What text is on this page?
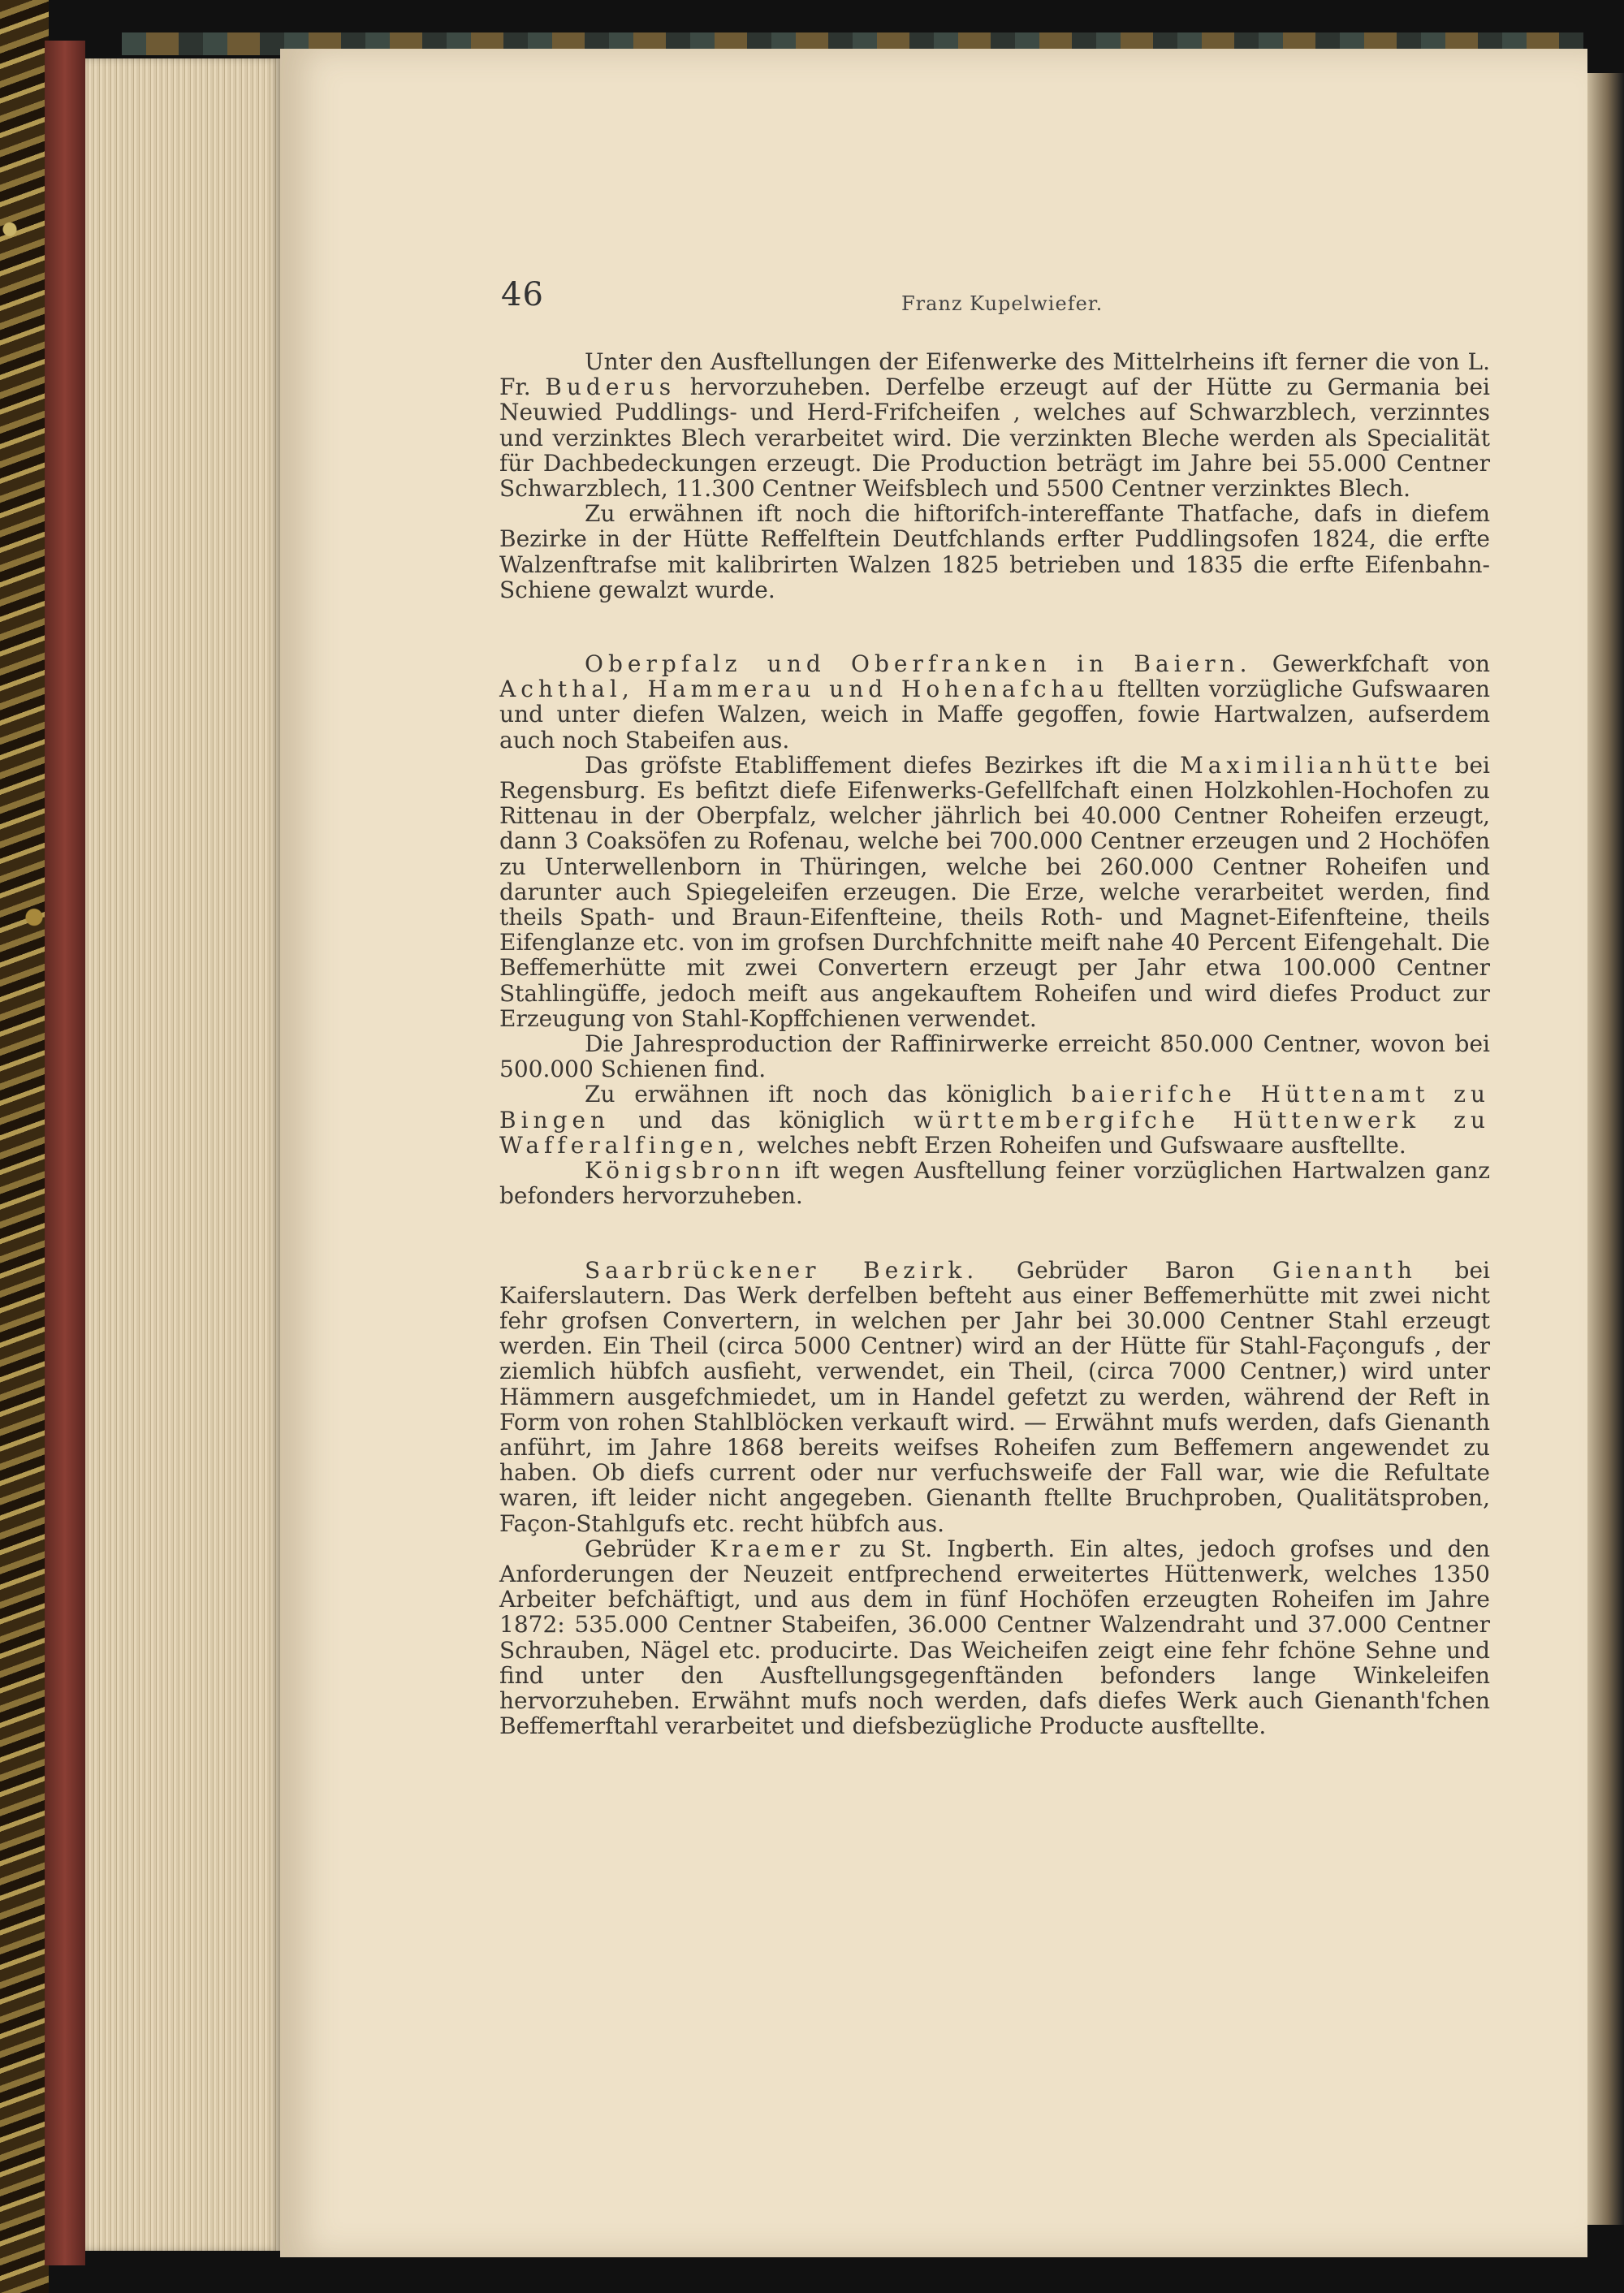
46	Franz Kupelwiefer.

Unter den Ausftellungen der Eifenwerke des Mittelrheins ift ferner die von L. Fr. Buderus hervorzuheben. Derfelbe erzeugt auf der Hütte zu Germania bei Neuwied Puddlings- und Herd-Frifcheifen , welches auf Schwarzblech, verzinntes und verzinktes Blech verarbeitet wird. Die verzinkten Bleche werden als Specialität für Dachbedeckungen erzeugt. Die Production beträgt im Jahre bei 55.000 Centner Schwarzblech, 11.300 Centner Weifsblech und 5500 Centner verzinktes Blech.

Zu erwähnen ift noch die hiftorifch-intereffante Thatfache, dafs in diefem Bezirke in der Hütte Reffelftein Deutfchlands erfter Puddlingsofen 1824, die erfte Walzenftrafse mit kalibrirten Walzen 1825 betrieben und 1835 die erfte Eifenbahn-Schiene gewalzt wurde.

Oberpfalz und Oberfranken in Baiern. Gewerkfchaft von Achthal, Hammerau und Hohenafchau ftellten vorzügliche Gufswaaren und unter diefen Walzen, weich in Maffe gegoffen, fowie Hartwalzen, aufserdem auch noch Stabeifen aus.

Das gröfste Etabliffement diefes Bezirkes ift die Maximilianhütte bei Regensburg. Es befitzt diefe Eifenwerks-Gefellfchaft einen Holzkohlen-Hochofen zu Rittenau in der Oberpfalz, welcher jährlich bei 40.000 Centner Roheifen erzeugt, dann 3 Coaksöfen zu Rofenau, welche bei 700.000 Centner erzeugen und 2 Hochöfen zu Unterwellenborn in Thüringen, welche bei 260.000 Centner Roheifen und darunter auch Spiegeleifen erzeugen. Die Erze, welche verarbeitet werden, find theils Spath- und Braun-Eifenfteine, theils Roth- und Magnet-Eifenfteine, theils Eifenglanze etc. von im grofsen Durchfchnitte meift nahe 40 Percent Eifengehalt. Die Beffemerhütte mit zwei Convertern erzeugt per Jahr etwa 100.000 Centner Stahlingüffe, jedoch meift aus angekauftem Roheifen und wird diefes Product zur Erzeugung von Stahl-Kopffchienen verwendet.

Die Jahresproduction der Raffinirwerke erreicht 850.000 Centner, wovon bei 500.000 Schienen find.

Zu erwähnen ift noch das königlich baierifche Hüttenamt zu Bingen und das königlich württembergifche Hüttenwerk zu Wafferalfingen, welches nebft Erzen Roheifen und Gufswaare ausftellte.

Königsbronn ift wegen Ausftellung feiner vorzüglichen Hartwalzen ganz befonders hervorzuheben.

Saarbrückener Bezirk. Gebrüder Baron Gienanth bei Kaiferslautern. Das Werk derfelben befteht aus einer Beffemerhütte mit zwei nicht fehr grofsen Convertern, in welchen per Jahr bei 30.000 Centner Stahl erzeugt werden. Ein Theil (circa 5000 Centner) wird an der Hütte für Stahl-Façongufs , der ziemlich hübfch ausfieht, verwendet, ein Theil, (circa 7000 Centner,) wird unter Hämmern ausgefchmiedet, um in Handel gefetzt zu werden, während der Reft in Form von rohen Stahlblöcken verkauft wird. — Erwähnt mufs werden, dafs Gienanth anführt, im Jahre 1868 bereits weifses Roheifen zum Beffemern angewendet zu haben. Ob diefs current oder nur verfuchsweife der Fall war, wie die Refultate waren, ift leider nicht angegeben. Gienanth ftellte Bruchproben, Qualitätsproben, Façon-Stahlgufs etc. recht hübfch aus.

Gebrüder Kraemer zu St. Ingberth. Ein altes, jedoch grofses und den Anforderungen der Neuzeit entfprechend erweitertes Hüttenwerk, welches 1350 Arbeiter befchäftigt, und aus dem in fünf Hochöfen erzeugten Roheifen im Jahre 1872: 535.000 Centner Stabeifen, 36.000 Centner Walzendraht und 37.000 Centner Schrauben, Nägel etc. producirte. Das Weicheifen zeigt eine fehr fchöne Sehne und find unter den Ausftellungsgegenftänden befonders lange Winkeleifen hervorzuheben. Erwähnt mufs noch werden, dafs diefes Werk auch Gienanth'fchen Beffemerftahl verarbeitet und diefsbezügliche Producte ausftellte.
